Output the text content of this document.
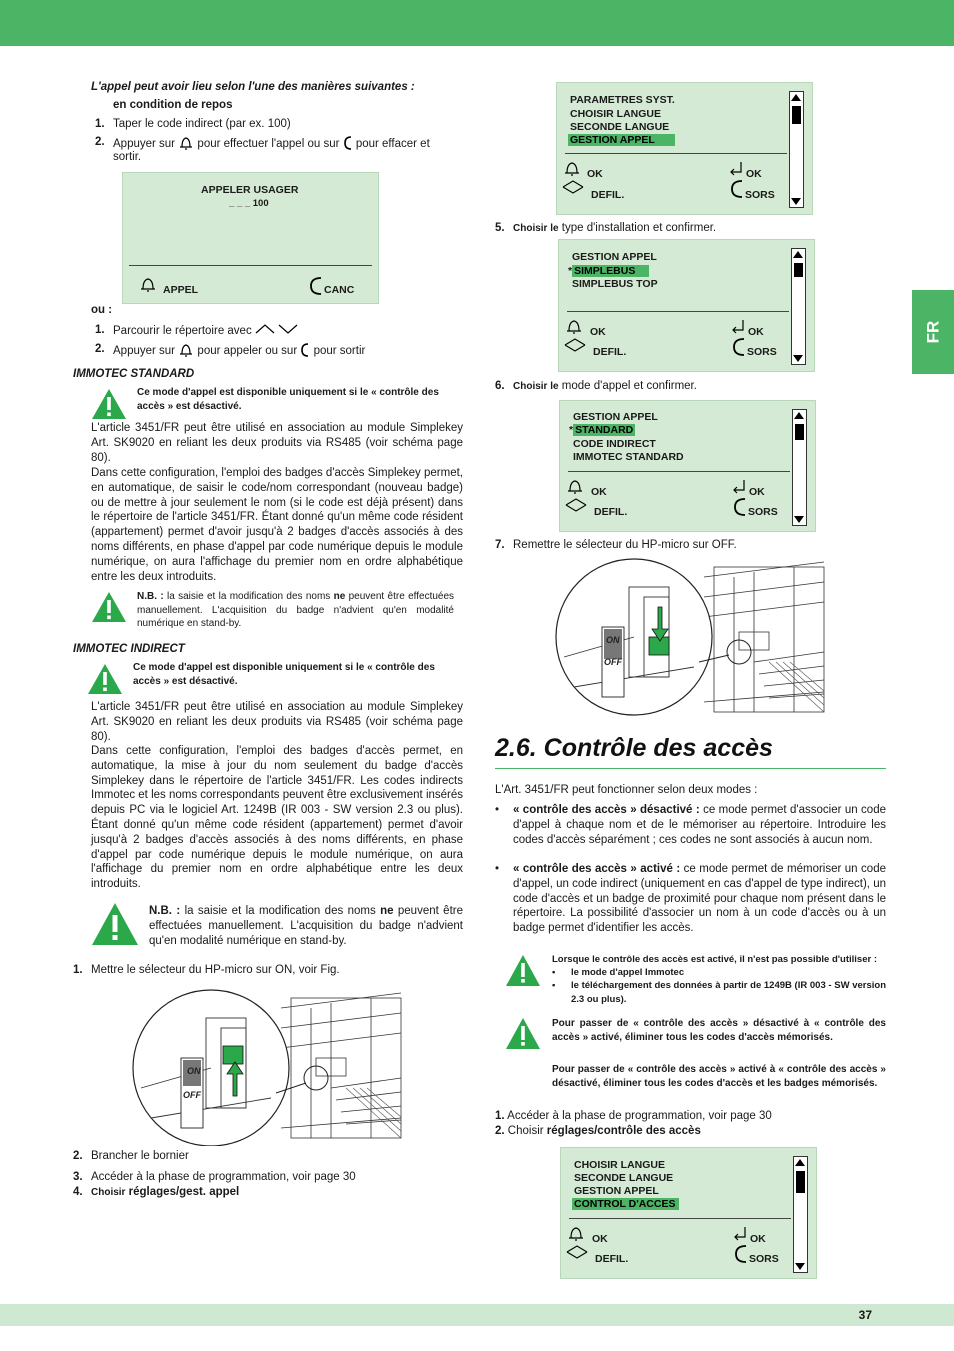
FR
37
L'appel peut avoir lieu selon l'une des manières suivantes :
en condition de repos
1. Taper le code indirect (par ex. 100)
2. Appuyer sur pour effectuer l'appel ou sur pour effacer et
sortir.
APPELER USAGER
_ _ _ 100
APPEL	CANC
ou :
1. Parcourir le répertoire avec
2. Appuyer sur pour appeler ou sur pour sortir
IMMOTEC STANDARD
Ce mode d'appel est disponible uniquement si le « contrôle des accès » est désactivé.
L'article 3451/FR peut être utilisé en association au module Simplekey Art. SK9020 en reliant les deux produits via RS485 (voir schéma page 80).
Dans cette configuration, l'emploi des badges d'accès Simplekey permet, en automatique, de saisir le code/nom correspondant (nouveau badge) ou de mettre à jour seulement le nom (si le code est déjà présent) dans le répertoire de l'article 3451/FR. Étant donné qu'un même code résident (appartement) permet d'avoir jusqu'à 2 badges d'accès associés à des noms différents, en phase d'appel par code numérique depuis le module numérique, on aura l'affichage du premier nom en ordre alphabétique entre les deux introduits.
N.B. : la saisie et la modification des noms ne peuvent être effectuées manuellement. L'acquisition du badge n'advient qu'en modalité numérique en stand-by.
IMMOTEC INDIRECT
Ce mode d'appel est disponible uniquement si le « contrôle des accès » est désactivé.
L'article 3451/FR peut être utilisé en association au module Simplekey Art. SK9020 en reliant les deux produits via RS485 (voir schéma page 80).
Dans cette configuration, l'emploi des badges d'accès permet, en automatique, la mise à jour du nom seulement du badge d'accès Simplekey dans le répertoire de l'article 3451/FR. Les codes indirects Immotec et les noms correspondants peuvent être exclusivement insérés depuis PC via le logiciel Art. 1249B (IR 003 - SW version 2.3 ou plus). Étant donné qu'un même code résident (appartement) permet d'avoir jusqu'à 2 badges d'accès associés à des noms différents, en phase d'appel par code numérique depuis le module numérique, on aura l'affichage du premier nom en ordre alphabétique entre les deux introduits.
N.B. : la saisie et la modification des noms ne peuvent être effectuées manuellement. L'acquisition du badge n'advient qu'en modalité numérique en stand-by.
1. Mettre le sélecteur du HP-micro sur ON, voir Fig.
ON
OFF
2. Brancher le bornier
3. Accéder à la phase de programmation, voir page 30
4. Choisir réglages/gest. appel
PARAMETRES SYST.
CHOISIR LANGUE
SECONDE LANGUE
GESTION APPEL
OK
DEFIL.
OK
SORS
5. Choisir le type d'installation et confirmer.
GESTION APPEL
* SIMPLEBUS
SIMPLEBUS TOP
OK
DEFIL.
OK
SORS
6. Choisir le mode d'appel et confirmer.
GESTION APPEL
* STANDARD
CODE INDIRECT
IMMOTEC STANDARD
OK
DEFIL.
OK
SORS
7. Remettre le sélecteur du HP-micro sur OFF.
ON
OFF
2.6. Contrôle des accès
L'Art. 3451/FR peut fonctionner selon deux modes :
• « contrôle des accès » désactivé : ce mode permet d'associer un code d'appel à chaque nom et de le mémoriser au répertoire. Introduire les codes d'accès séparément ; ces codes ne sont associés à aucun nom.
• « contrôle des accès » activé : ce mode permet de mémoriser un code d'appel, un code indirect (uniquement en cas d'appel de type indirect), un code d'accès et un badge de proximité pour chaque nom présent dans le répertoire. La possibilité d'associer un nom à un code d'accès ou à un badge permet d'identifier les accès.
Lorsque le contrôle des accès est activé, il n'est pas possible d'utiliser :
• le mode d'appel Immotec
• le téléchargement des données à partir de 1249B (IR 003 - SW version 2.3 ou plus).
Pour passer de « contrôle des accès » désactivé à « contrôle des accès » activé, éliminer tous les codes d'accès mémorisés.
Pour passer de « contrôle des accès » activé à « contrôle des accès » désactivé, éliminer tous les codes d'accès et les badges mémorisés.
1. Accéder à la phase de programmation, voir page 30
2. Choisir réglages/contrôle des accès
CHOISIR LANGUE
SECONDE LANGUE
GESTION APPEL
CONTROL D'ACCES
OK
DEFIL.
OK
SORS
